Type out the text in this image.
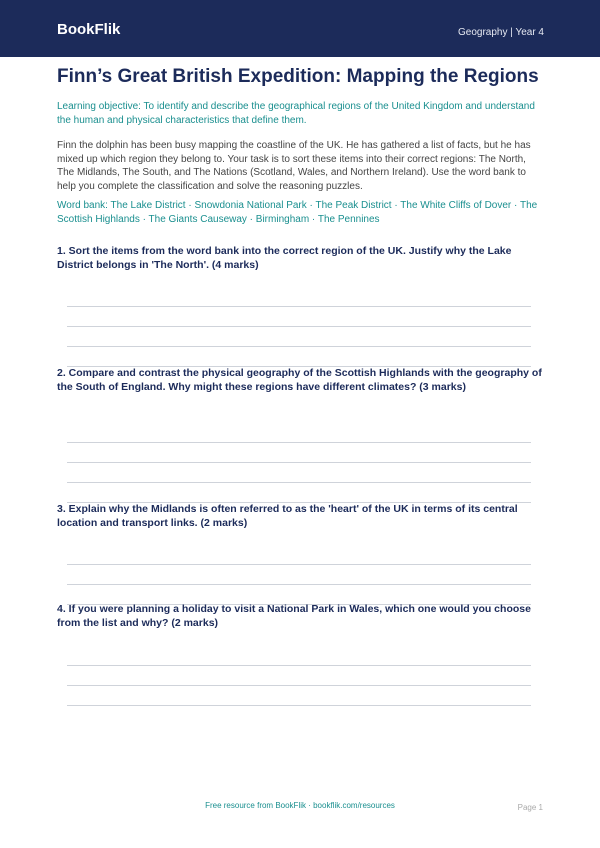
BookFlik	Geography | Year 4
Finn’s Great British Expedition: Mapping the Regions

Learning objective: To identify and describe the geographical regions of the United Kingdom and understand the human and physical characteristics that define them.

Finn the dolphin has been busy mapping the coastline of the UK. He has gathered a list of facts, but he has mixed up which region they belong to. Your task is to sort these items into their correct regions: The North, The Midlands, The South, and The Nations (Scotland, Wales, and Northern Ireland). Use the word bank to help you complete the classification and solve the reasoning puzzles.

Word bank: The Lake District · Snowdonia National Park · The Peak District · The White Cliffs of Dover · The Scottish Highlands · The Giants Causeway · Birmingham · The Pennines

1. Sort the items from the word bank into the correct region of the UK. Justify why the Lake District belongs in 'The North'. (4 marks)

2. Compare and contrast the physical geography of the Scottish Highlands with the geography of the South of England. Why might these regions have different climates? (3 marks)

3. Explain why the Midlands is often referred to as the 'heart' of the UK in terms of its central location and transport links. (2 marks)

4. If you were planning a holiday to visit a National Park in Wales, which one would you choose from the list and why? (2 marks)

Free resource from BookFlik · bookflik.com/resources	Page 1
